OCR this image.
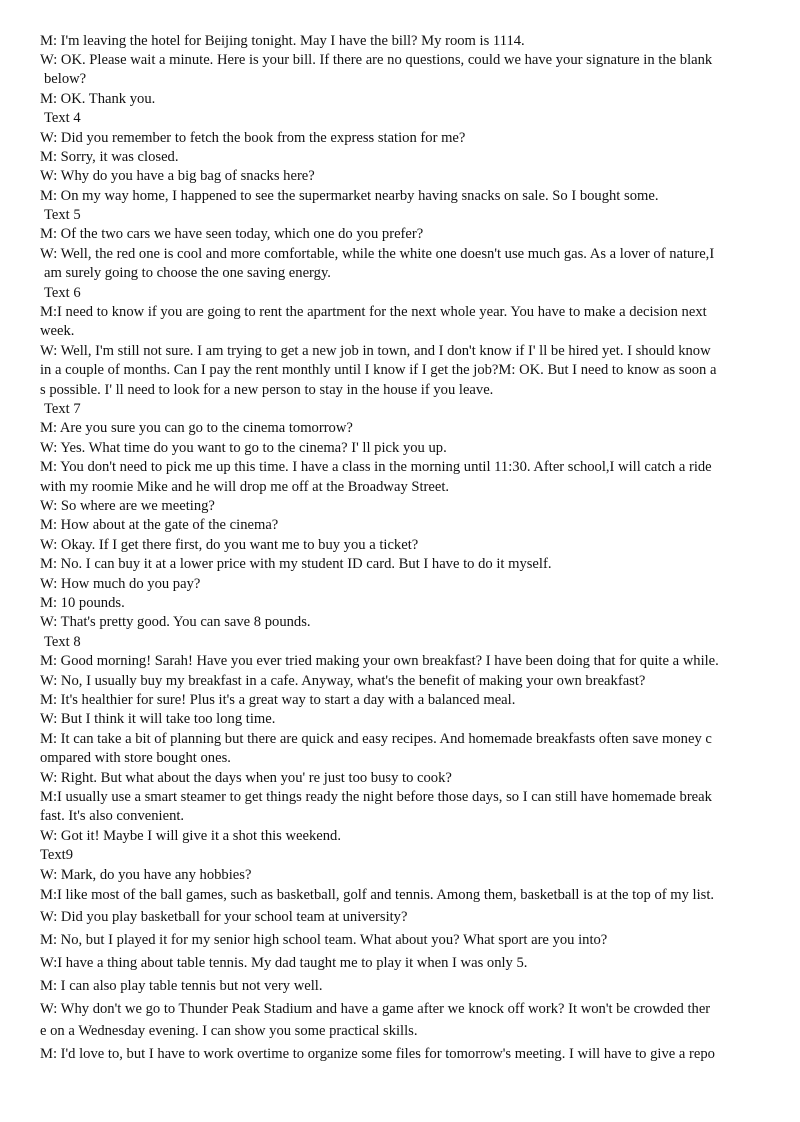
M: I'm leaving the hotel for Beijing tonight. May I have the bill? My room is 1114.
W: OK. Please wait a minute. Here is your bill. If there are no questions, could we have your signature in the blank
below?
M: OK. Thank you.
Text 4
W: Did you remember to fetch the book from the express station for me?
M: Sorry, it was closed.
W: Why do you have a big bag of snacks here?
M: On my way home, I happened to see the supermarket nearby having snacks on sale. So I bought some.
Text 5
M: Of the two cars we have seen today, which one do you prefer?
W: Well, the red one is cool and more comfortable, while the white one doesn't use much gas. As a lover of nature,I
am surely going to choose the one saving energy.
Text 6
M:I need to know if you are going to rent the apartment for the next whole year. You have to make a decision next
week.
W: Well, I'm still not sure. I am trying to get a new job in town, and I don't know if I' ll be hired yet. I should know
in a couple of months. Can I pay the rent monthly until I know if I get the job?M: OK. But I need to know as soon a
s possible. I' ll need to look for a new person to stay in the house if you leave.
Text 7
M: Are you sure you can go to the cinema tomorrow?
W: Yes. What time do you want to go to the cinema? I' ll pick you up.
M: You don't need to pick me up this time. I have a class in the morning until 11:30. After school,I will catch a ride
with my roomie Mike and he will drop me off at the Broadway Street.
W: So where are we meeting?
M: How about at the gate of the cinema?
W: Okay. If I get there first, do you want me to buy you a ticket?
M: No. I can buy it at a lower price with my student ID card. But I have to do it myself.
W: How much do you pay?
M: 10 pounds.
W: That's pretty good. You can save 8 pounds.
Text 8
M: Good morning! Sarah! Have you ever tried making your own breakfast? I have been doing that for quite a while.
W: No, I usually buy my breakfast in a cafe. Anyway, what's the benefit of making your own breakfast?
M: It's healthier for sure! Plus it's a great way to start a day with a balanced meal.
W: But I think it will take too long time.
M: It can take a bit of planning but there are quick and easy recipes. And homemade breakfasts often save money c
ompared with store bought ones.
W: Right. But what about the days when you' re just too busy to cook?
M:I usually use a smart steamer to get things ready the night before those days, so I can still have homemade break
fast. It's also convenient.
W: Got it! Maybe I will give it a shot this weekend.
Text9
W: Mark, do you have any hobbies?
M:I like most of the ball games, such as basketball, golf and tennis. Among them, basketball is at the top of my list.
W: Did you play basketball for your school team at university?
M: No, but I played it for my senior high school team. What about you? What sport are you into?
W:I have a thing about table tennis. My dad taught me to play it when I was only 5.
M: I can also play table tennis but not very well.
W: Why don't we go to Thunder Peak Stadium and have a game after we knock off work? It won't be crowded ther
e on a Wednesday evening. I can show you some practical skills.
M: I'd love to, but I have to work overtime to organize some files for tomorrow's meeting. I will have to give a repo
